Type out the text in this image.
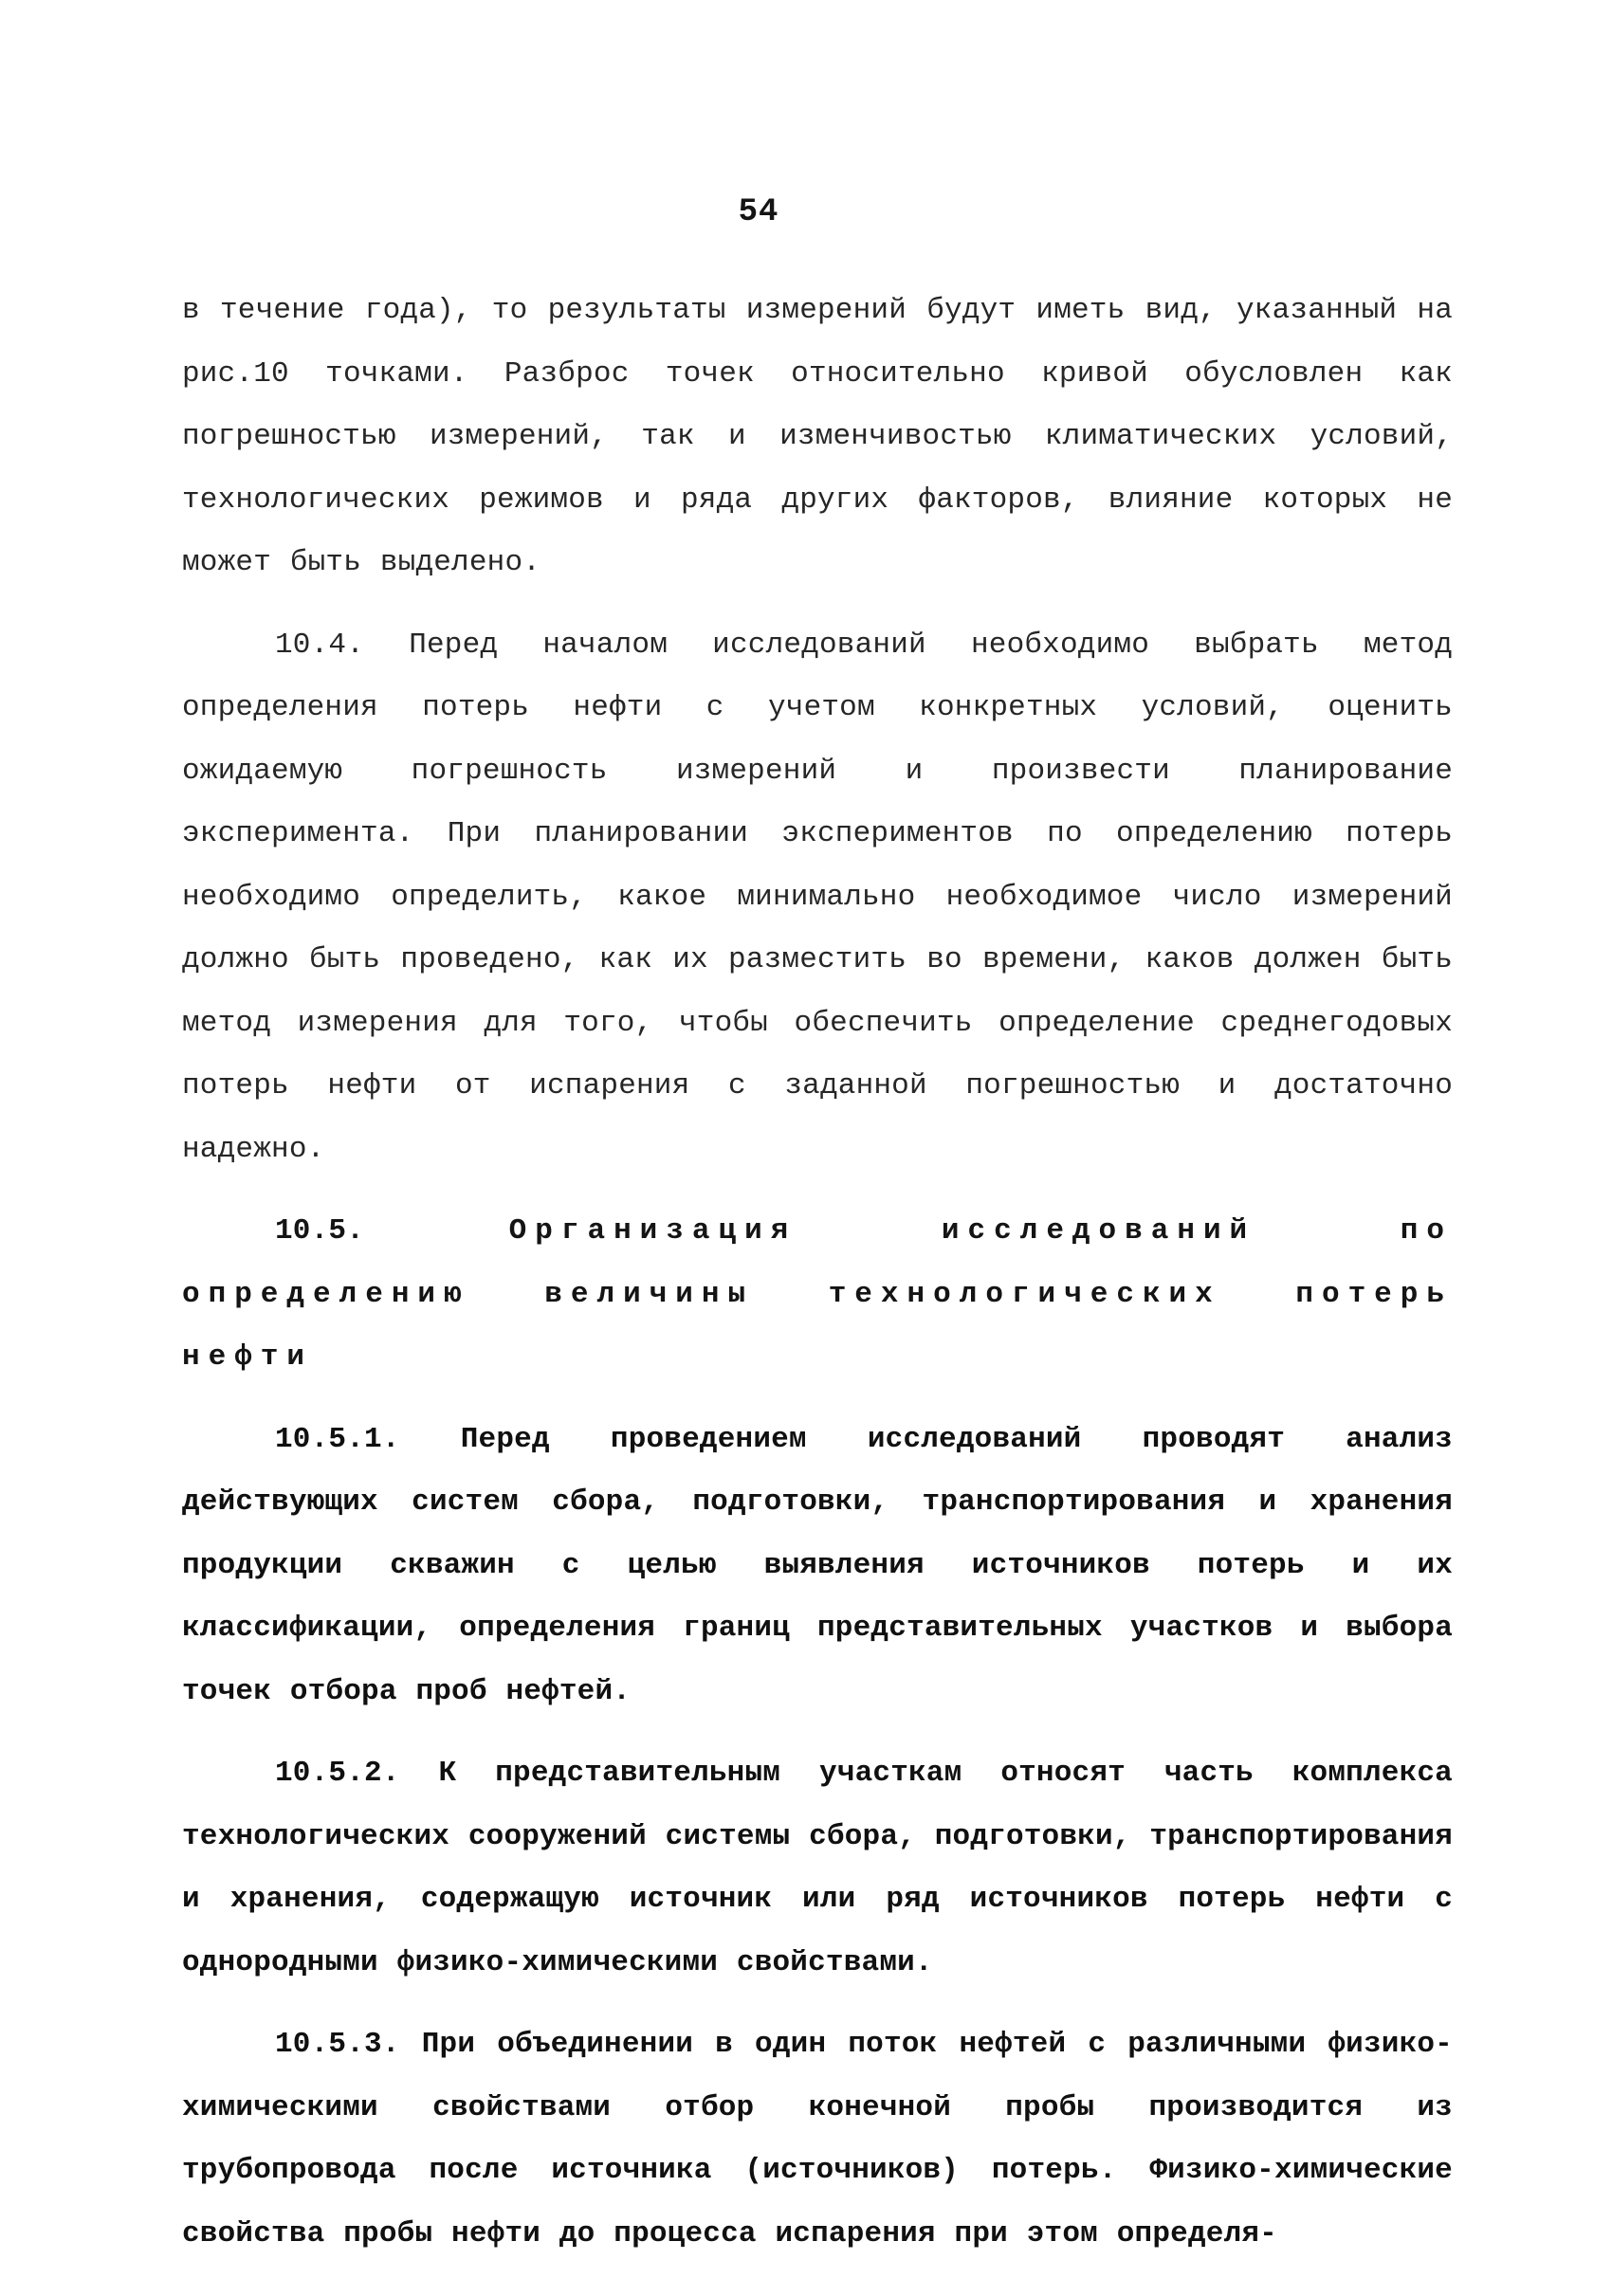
54

в течение года), то результаты измерений будут иметь вид, указанный на рис.10 точками. Разброс точек относительно кривой обусловлен как погрешностью измерений, так и изменчивостью климатических условий, технологических режимов и ряда других факторов, влияние которых не может быть выделено.

10.4. Перед началом исследований необходимо выбрать метод определения потерь нефти с учетом конкретных условий, оценить ожидаемую погрешность измерений и произвести планирование эксперимента. При планировании экспериментов по определению потерь необходимо определить, какое минимально необходимое число измерений должно быть проведено, как их разместить во времени, каков должен быть метод измерения для того, чтобы обеспечить определение среднегодовых потерь нефти от испарения с заданной погрешностью и достаточно надежно.

10.5.	Организация исследований по определению величины технологических потерь нефти

10.5.1. Перед проведением исследований проводят анализ действующих систем сбора, подготовки, транспортирования и хранения продукции скважин с целью выявления источников потерь и их классификации, определения границ представительных участков и выбора точек отбора проб нефтей.

10.5.2. К представительным участкам относят часть комплекса технологических сооружений системы сбора, подготовки, транспортирования и хранения, содержащую источник или ряд источников потерь нефти с однородными физико-химическими свойствами.

10.5.3. При объединении в один поток нефтей с различными физико-химическими свойствами отбор конечной пробы производится из трубопровода после источника (источников) потерь. Физико-химические свойства пробы нефти до процесса испарения при этом определя-
